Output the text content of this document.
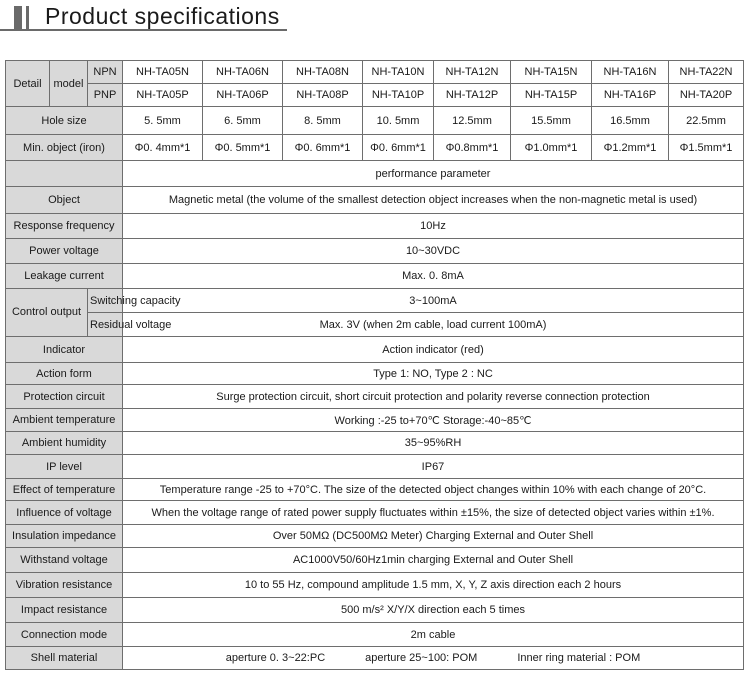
Product specifications
Detail	model	NPN	NH-TA05N	NH-TA06N	NH-TA08N	NH-TA10N	NH-TA12N	NH-TA15N	NH-TA16N	NH-TA22N
		PNP	NH-TA05P	NH-TA06P	NH-TA08P	NH-TA10P	NH-TA12P	NH-TA15P	NH-TA16P	NH-TA20P
Hole size			5. 5mm	6. 5mm	8. 5mm	10. 5mm	12.5mm	15.5mm	16.5mm	22.5mm
Min. object (iron)			Φ0. 4mm*1	Φ0. 5mm*1	Φ0. 6mm*1	Φ0. 6mm*1	Φ0.8mm*1	Φ1.0mm*1	Φ1.2mm*1	Φ1.5mm*1
			performance parameter							
Object			Magnetic metal (the volume of the smallest detection object increases when the non-magnetic metal is used)							
Response frequency			10Hz							
Power voltage			10~30VDC							
Leakage current			Max. 0. 8mA							
Control output		Switching capacity	3~100mA							
		Residual voltage	Max. 3V (when 2m cable, load current 100mA)							
Indicator			Action indicator (red)							
Action form			Type 1: NO, Type 2 : NC							
Protection circuit			Surge protection circuit, short circuit protection and polarity reverse connection protection							
Ambient temperature			Working :-25 to+70℃ Storage:-40~85℃							
Ambient humidity			35~95%RH							
IP level			IP67							
Effect of temperature			Temperature range -25 to +70°C. The size of the detected object changes within 10% with each change of 20°C.							
Influence of voltage			When the voltage range of rated power supply fluctuates within ±15%, the size of detected object varies within ±1%.							
Insulation impedance			Over 50MΩ (DC500MΩ Meter) Charging External and Outer Shell							
Withstand voltage			AC1000V50/60Hz1min charging External and Outer Shell							
Vibration resistance			10 to 55 Hz, compound amplitude 1.5 mm, X, Y, Z axis direction each 2 hours							
Impact resistance			500 m/s² X/Y/X direction each 5 times							
Connection mode			2m cable							
Shell material			aperture 0. 3~22:PC aperture 25~100: POM Inner ring material : POM							
